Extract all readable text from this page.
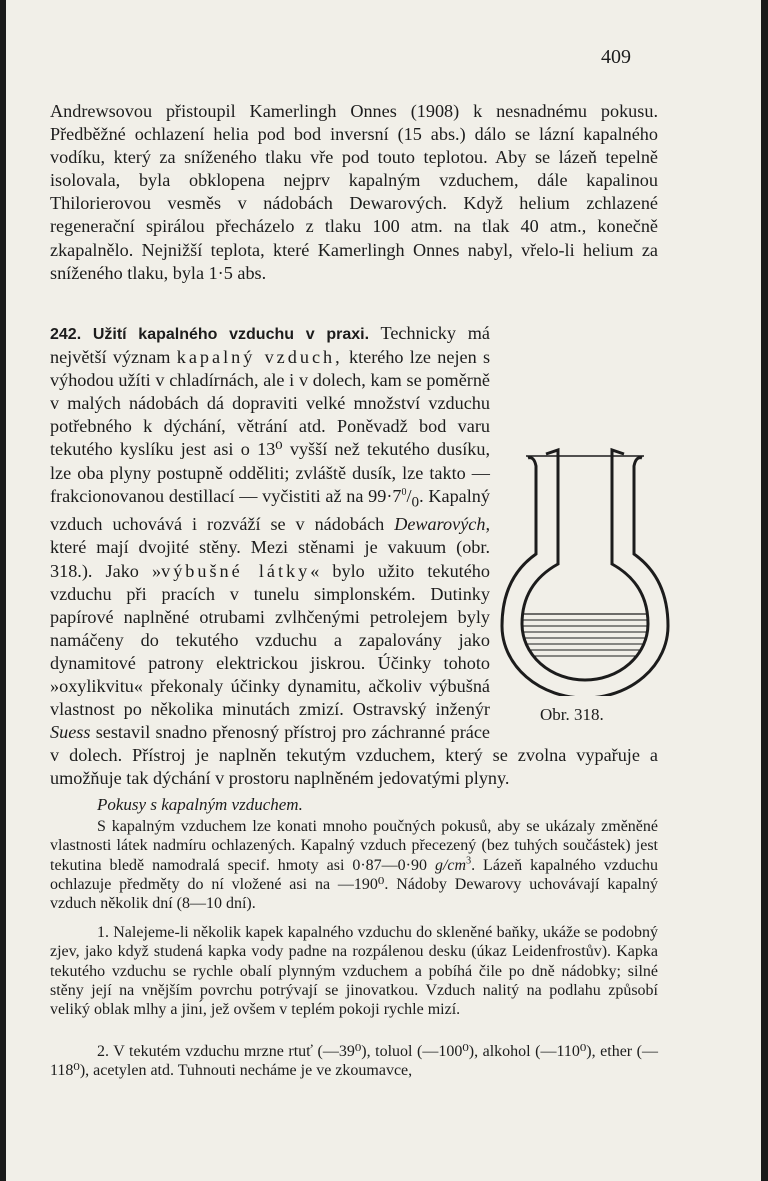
409

Andrewsovou přistoupil Kamerlingh Onnes (1908) k nesnadnému pokusu. Předběžné ochlazení helia pod bod inversní (15 abs.) dálo se lázní kapalného vodíku, který za sníženého tlaku vře pod touto teplotou. Aby se lázeň tepelně isolovala, byla obklopena nejprv kapalným vzduchem, dále kapalinou Thilorierovou vesměs v nádobách Dewarových. Když helium zchlazené regenerační spirálou přecházelo z tlaku 100 atm. na tlak 40 atm., konečně zkapalnělo. Nejnižší teplota, které Kamerlingh Onnes nabyl, vřelo-li helium za sníženého tlaku, byla 1·5 abs.

Obr. 318.

242. Užití kapalného vzduchu v praxi. Technicky má největší význam kapalný vzduch, kterého lze nejen s výhodou užíti v chladírnách, ale i v dolech, kam se poměrně v malých nádobách dá dopraviti velké množství vzduchu potřebného k dýchání, větrání atd. Poněvadž bod varu tekutého kyslíku jest asi o 13⁰ vyšší než tekutého dusíku, lze oba plyny postupně odděliti; zvláště dusík, lze takto — frakcionovanou destillací — vyčistiti až na $99\cdot 7^0/_0$. Kapalný vzduch uchovává i rozváží se v nádobách Dewarových, které mají dvojité stěny. Mezi stěnami je vakuum (obr. 318.). Jako »výbušné látky« bylo užito tekutého vzduchu při pracích v tunelu simplonském. Dutinky papírové naplněné otrubami zvlhčenými petrolejem byly namáčeny do tekutého vzduchu a zapalovány jako dynamitové patrony elektrickou jiskrou. Účinky tohoto »oxylikvitu« překonaly účinky dynamitu, ačkoliv výbušná vlastnost po několika minutách zmizí. Ostravský inženýr Suess sestavil snadno přenosný přístroj pro záchranné práce v dolech. Přístroj je naplněn tekutým vzduchem, který se zvolna vypařuje a umožňuje tak dýchání v prostoru naplněném jedovatými plyny.

Pokusy s kapalným vzduchem.
S kapalným vzduchem lze konati mnoho poučných pokusů, aby se ukázaly změněné vlastnosti látek nadmíru ochlazených. Kapalný vzduch přecezený (bez tuhých součástek) jest tekutina bledě namodralá specif. hmoty asi 0·87—0·90 $g/cm^3$. Lázeň kapalného vzduchu ochlazuje předměty do ní vložené asi na —190⁰. Nádoby Dewarovy uchovávají kapalný vzduch několik dní (8—10 dní).
1. Nalejeme-li několik kapek kapalného vzduchu do skleněné baňky, ukáže se podobný zjev, jako když studená kapka vody padne na rozpálenou desku (úkaz Leidenfrostův). Kapka tekutého vzduchu se rychle obalí plynným vzduchem a pobíhá čile po dně nádobky; silné stěny její na vnějším povrchu potrývají se jinovatkou. Vzduch nalitý na podlahu způsobí veliký oblak mlhy a jinı́, jež ovšem v teplém pokoji rychle mizí.
2. V tekutém vzduchu mrzne rtuť (—39⁰), toluol (—100⁰), alkohol (—110⁰), ether (—118⁰), acetylen atd. Tuhnouti necháme je ve zkoumavce,
